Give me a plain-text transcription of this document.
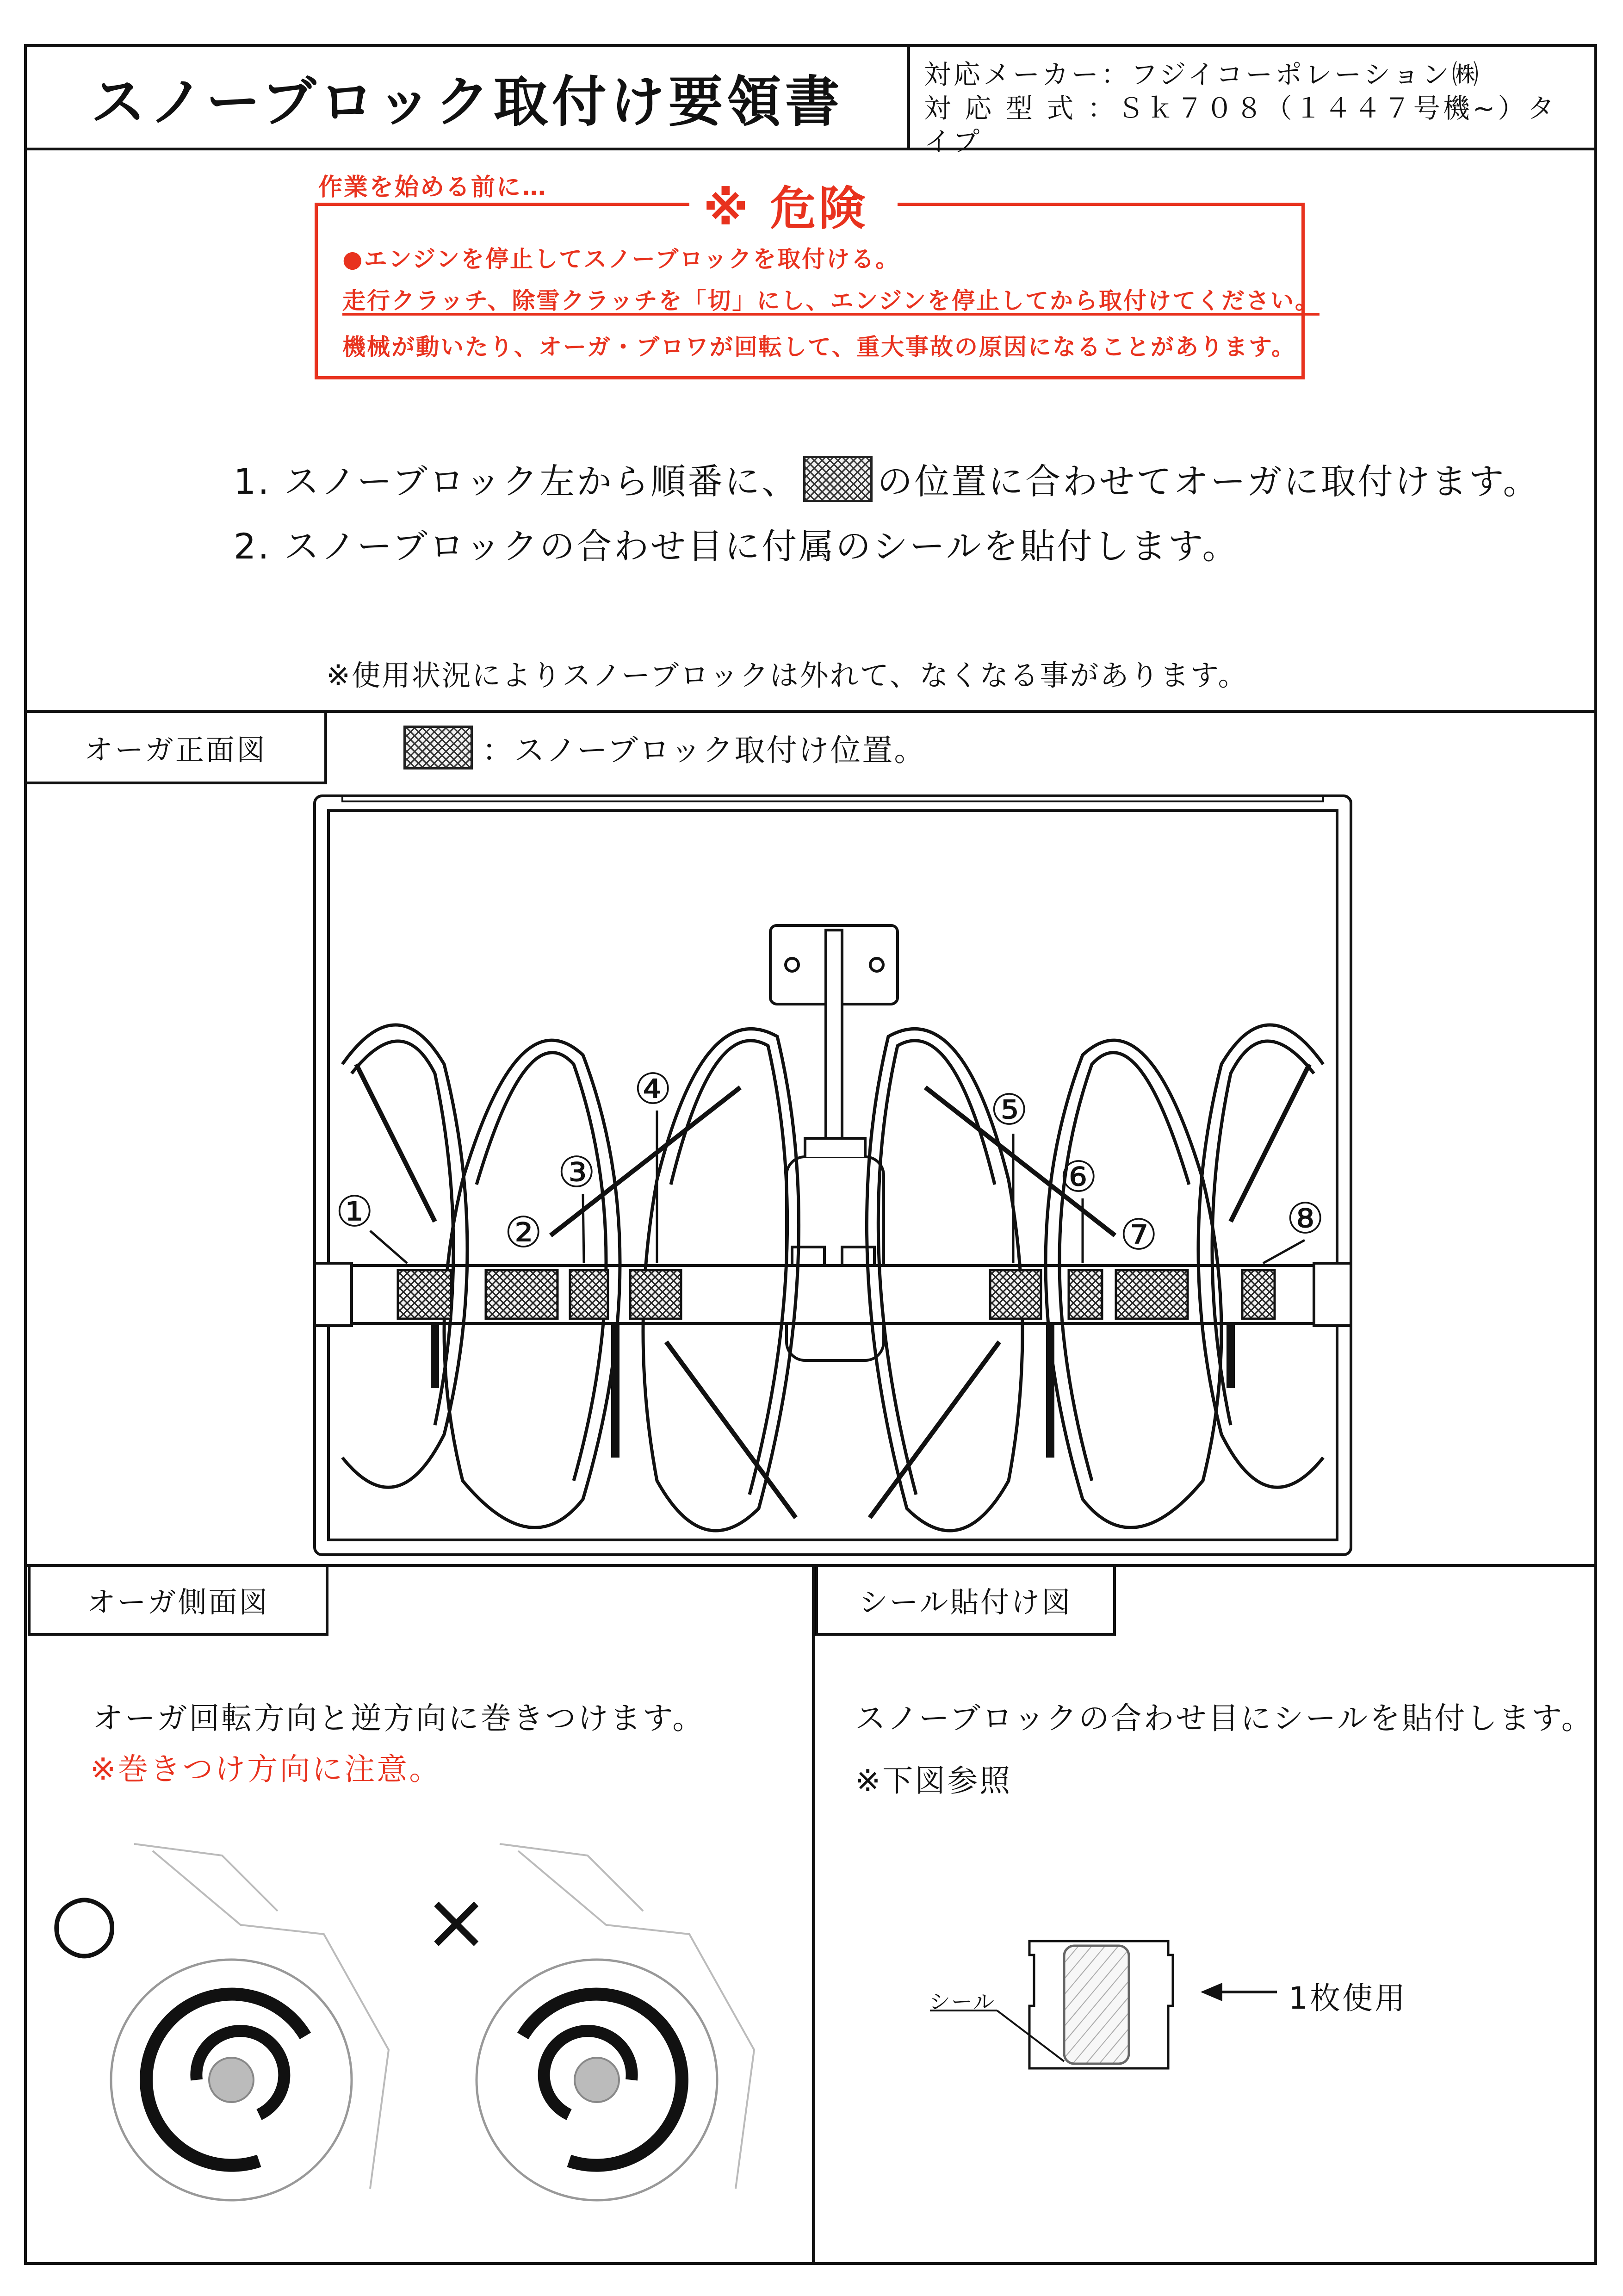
スノーブロック取付け要領書	対応メーカー：フジイコーポレーション㈱
対 応 型 式 ：Ｓｋ７０８（１４４７号機~）タイプ
作業を始める前に…	※ 危険
●エンジンを停止してスノーブロックを取付ける。
走行クラッチ、除雪クラッチを「切」にし、エンジンを停止してから取付けてください。
機械が動いたり、オーガ・ブロワが回転して、重大事故の原因になることがあります。
1. スノーブロック左から順番に、 の位置に合わせてオーガに取付けます。
2. スノーブロックの合わせ目に付属のシールを貼付します。
※使用状況によりスノーブロックは外れて、なくなる事があります。
オーガ正面図	：スノーブロック取付け位置。
①	②
③
④	⑤
⑥
⑦	⑧
オーガ側面図
オーガ回転方向と逆方向に巻きつけます。
※巻きつけ方向に注意。
○	×
シール貼付け図
スノーブロックの合わせ目にシールを貼付します。
※下図参照
シール	1枚使用
